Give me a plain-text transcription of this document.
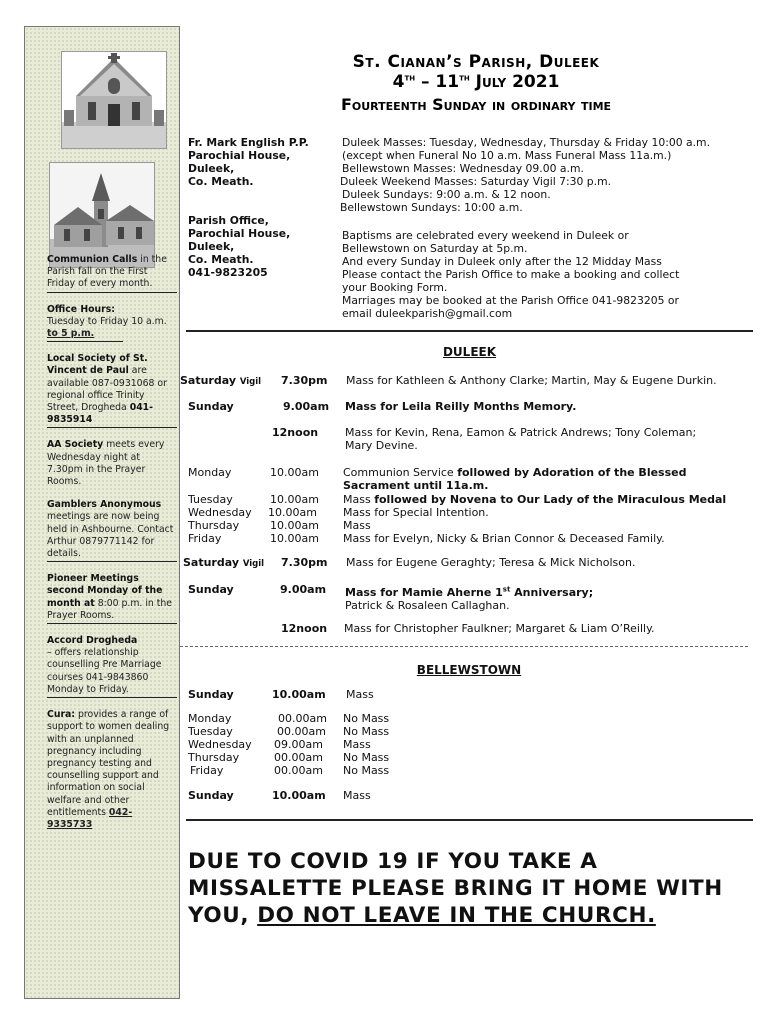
Communion Calls in the Parish fall on the First Friday of every month.
Office Hours:
Tuesday to Friday 10 a.m. to 5 p.m.
Local Society of St. Vincent de Paul are available 087-0931068 or regional office Trinity Street, Drogheda 041-9835914
AA Society meets every Wednesday night at 7.30pm in the Prayer Rooms.
Gamblers Anonymous
meetings are now being held in Ashbourne. Contact Arthur 0879771142 for details.
Pioneer Meetings second Monday of the month at 8:00 p.m. in the Prayer Rooms.
Accord Drogheda
– offers relationship counselling Pre Marriage courses 041-9843860 Monday to Friday.
Cura: provides a range of support to women dealing with an unplanned pregnancy including pregnancy testing and counselling support and information on social welfare and other entitlements 042-9335733
St. Cianan’s Parish, Duleek
4th – 11th July 2021
Fourteenth Sunday in ordinary time
Fr. Mark English P.P.
Parochial House,
Duleek,
Co. Meath.
Duleek Masses: Tuesday, Wednesday, Thursday & Friday 10:00 a.m.
(except when Funeral No 10 a.m. Mass Funeral Mass 11a.m.)
Bellewstown Masses: Wednesday 09.00 a.m.
Duleek Weekend Masses: Saturday Vigil 7:30 p.m.
Duleek Sundays: 9:00 a.m. & 12 noon.
Bellewstown Sundays: 10:00 a.m.
Parish Office,
Parochial House,
Duleek,
Co. Meath.
041-9823205
Baptisms are celebrated every weekend in Duleek or
Bellewstown on Saturday at 5p.m.
And every Sunday in Duleek only after the 12 Midday Mass
Please contact the Parish Office to make a booking and collect
your Booking Form.
Marriages may be booked at the Parish Office 041-9823205 or
email duleekparish@gmail.com
DULEEK
Saturday Vigil 7.30pm Mass for Kathleen & Anthony Clarke; Martin, May & Eugene Durkin.
Sunday	9.00am Mass for Leila Reilly Months Memory.
12noon Mass for Kevin, Rena, Eamon & Patrick Andrews; Tony Coleman;
Mary Devine.
Monday	10.00am Communion Service followed by Adoration of the Blessed
Sacrament until 11a.m.
Tuesday	10.00am Mass followed by Novena to Our Lady of the Miraculous Medal
Wednesday 10.00am Mass for Special Intention.
Thursday	10.00am Mass
Friday	10.00am Mass for Evelyn, Nicky & Brian Connor & Deceased Family.
Saturday Vigil 7.30pm Mass for Eugene Geraghty; Teresa & Mick Nicholson.
Sunday	9.00am Mass for Mamie Aherne 1st Anniversary;
Patrick & Rosaleen Callaghan.
12noon Mass for Christopher Faulkner; Margaret & Liam O’Reilly.
BELLEWSTOWN
Sunday	10.00am Mass
Monday	00.00am No Mass
Tuesday	00.00am No Mass
Wednesday 09.00am Mass
Thursday	00.00am No Mass
Friday	00.00am No Mass
Sunday	10.00am Mass
DUE TO COVID 19 IF YOU TAKE A MISSALETTE PLEASE BRING IT HOME WITH YOU, DO NOT LEAVE IN THE CHURCH.
